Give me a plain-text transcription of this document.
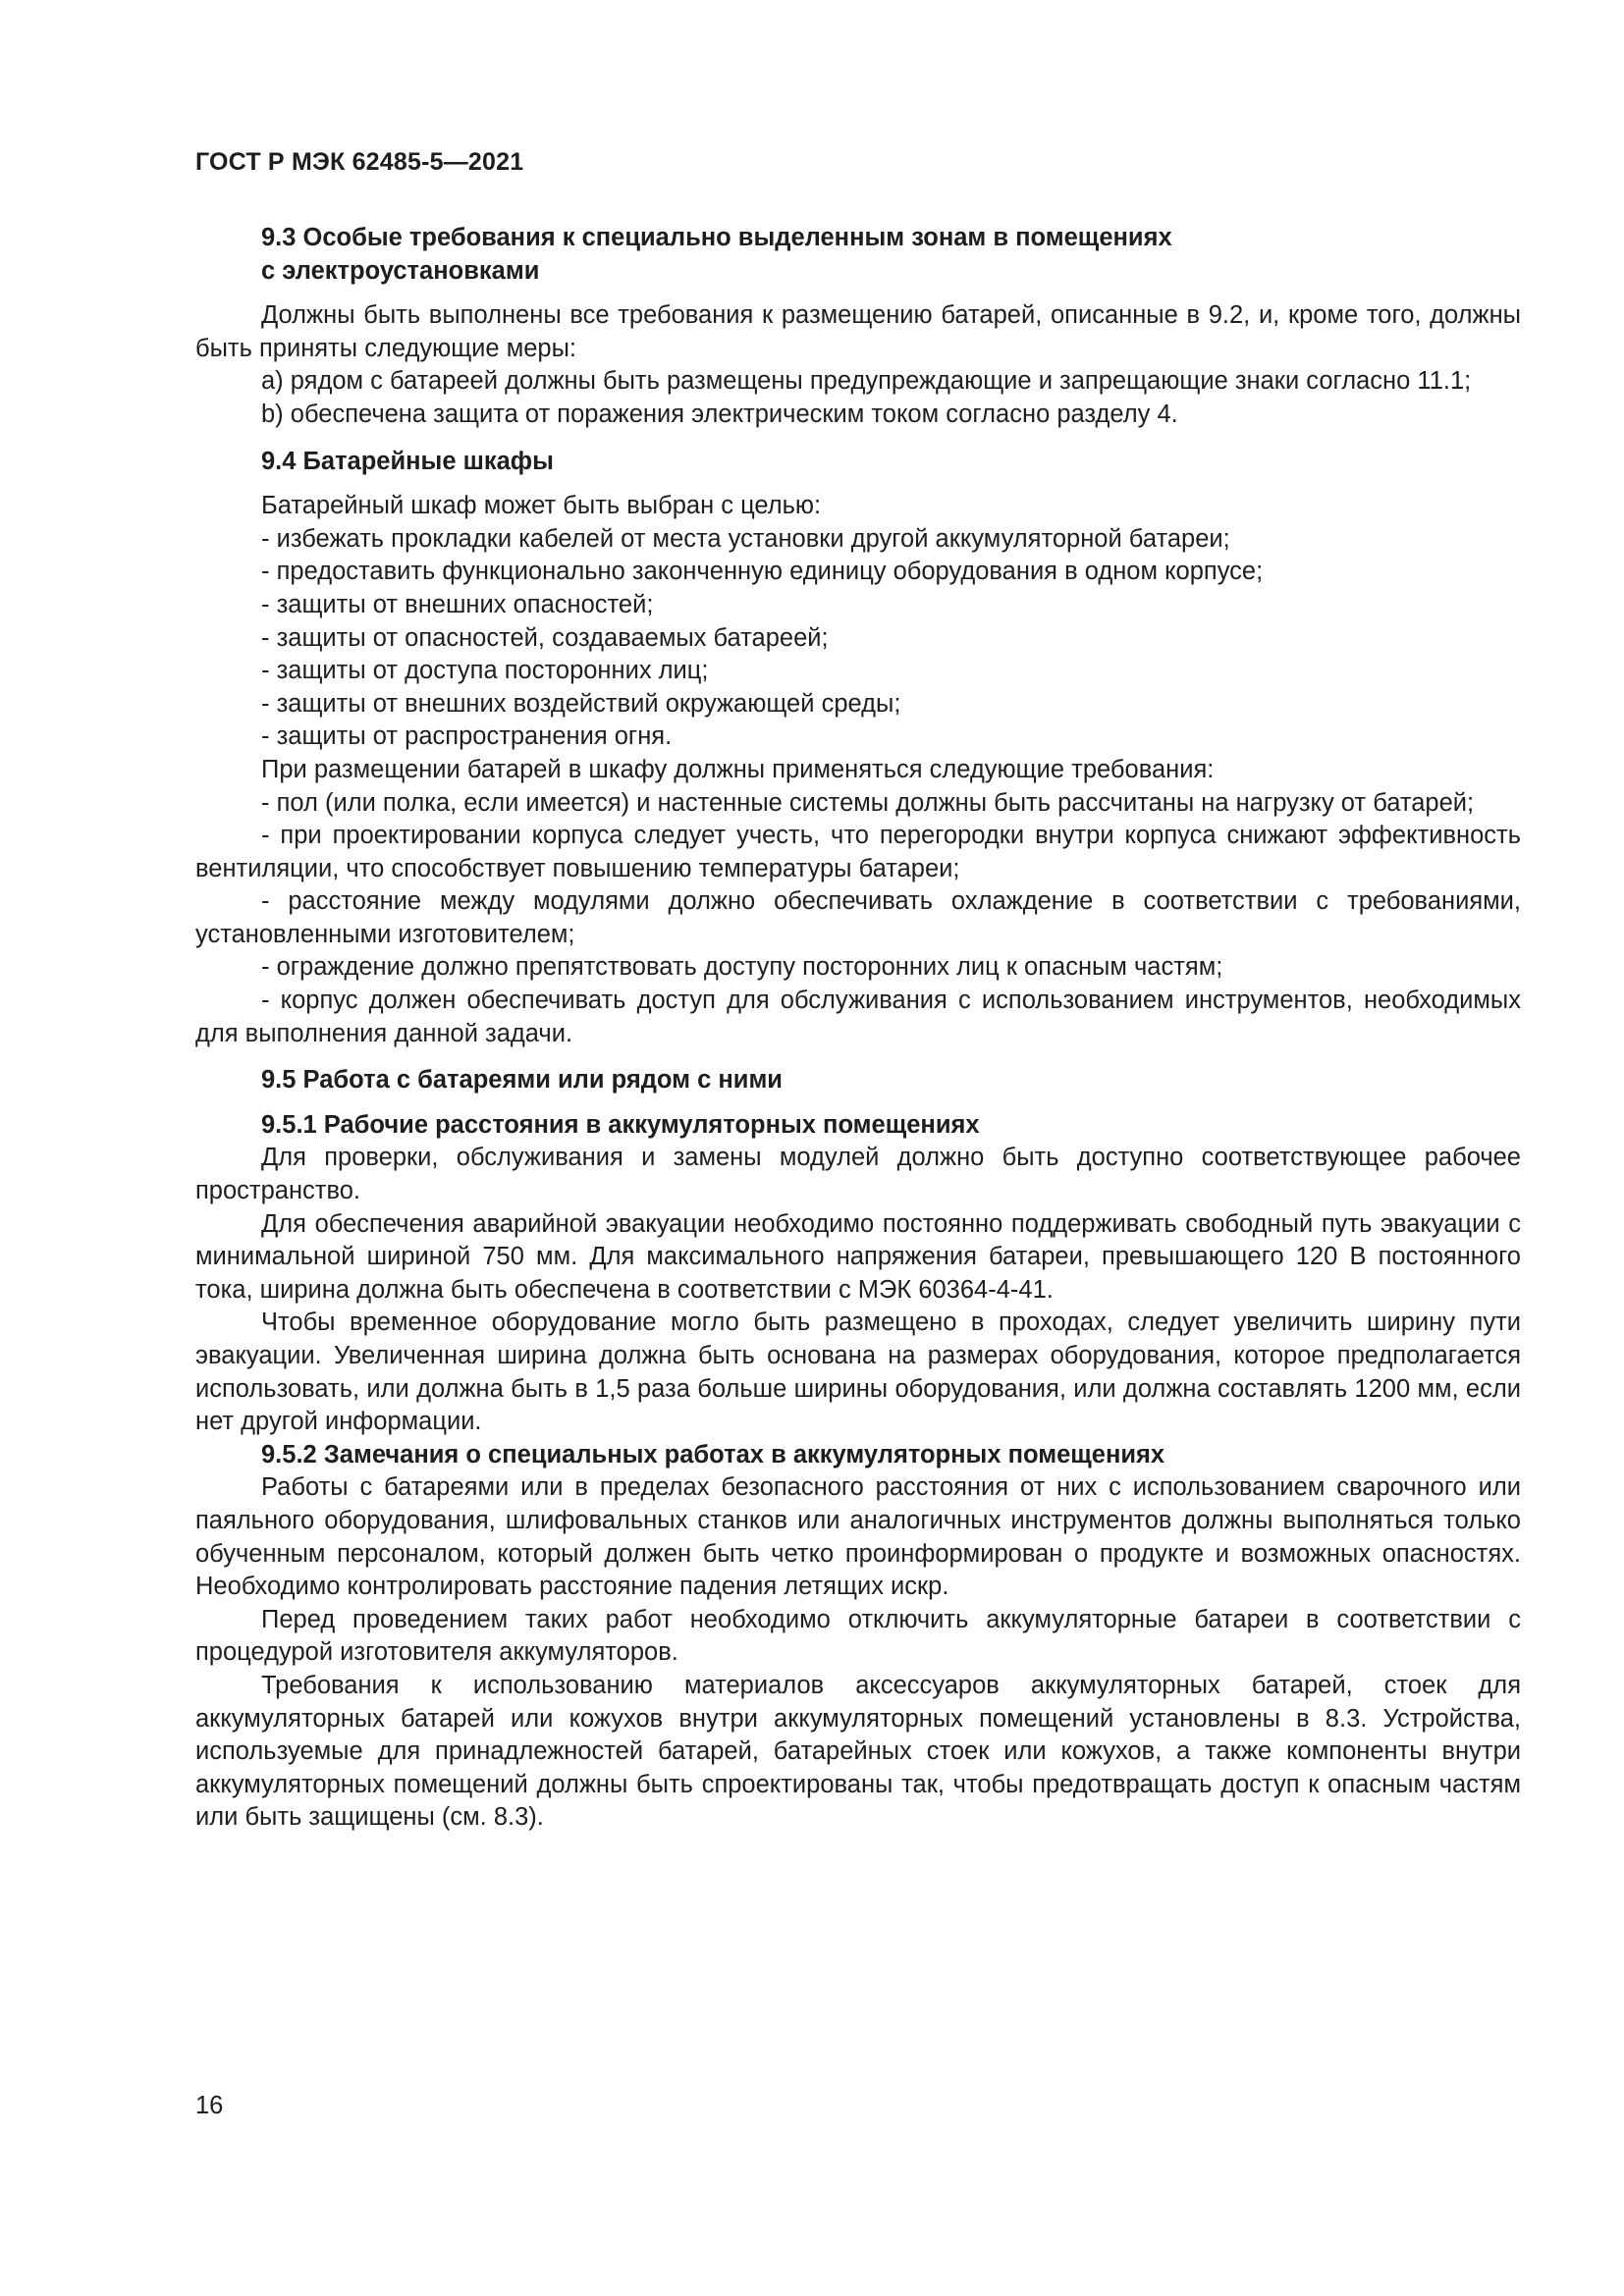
ГОСТ Р МЭК 62485-5—2021

9.3 Особые требования к специально выделенным зонам в помещениях
с электроустановками

Должны быть выполнены все требования к размещению батарей, описанные в 9.2, и, кроме того, должны быть приняты следующие меры:

a) рядом с батареей должны быть размещены предупреждающие и запрещающие знаки согласно 11.1;

b) обеспечена защита от поражения электрическим током согласно разделу 4.

9.4 Батарейные шкафы

Батарейный шкаф может быть выбран с целью:

- избежать прокладки кабелей от места установки другой аккумуляторной батареи;

- предоставить функционально законченную единицу оборудования в одном корпусе;

- защиты от внешних опасностей;

- защиты от опасностей, создаваемых батареей;

- защиты от доступа посторонних лиц;

- защиты от внешних воздействий окружающей среды;

- защиты от распространения огня.

При размещении батарей в шкафу должны применяться следующие требования:

- пол (или полка, если имеется) и настенные системы должны быть рассчитаны на нагрузку от батарей;

- при проектировании корпуса следует учесть, что перегородки внутри корпуса снижают эффективность вентиляции, что способствует повышению температуры батареи;

- расстояние между модулями должно обеспечивать охлаждение в соответствии с требованиями, установленными изготовителем;

- ограждение должно препятствовать доступу посторонних лиц к опасным частям;

- корпус должен обеспечивать доступ для обслуживания с использованием инструментов, необходимых для выполнения данной задачи.

9.5 Работа с батареями или рядом с ними

9.5.1 Рабочие расстояния в аккумуляторных помещениях

Для проверки, обслуживания и замены модулей должно быть доступно соответствующее рабочее пространство.

Для обеспечения аварийной эвакуации необходимо постоянно поддерживать свободный путь эвакуации с минимальной шириной 750 мм. Для максимального напряжения батареи, превышающего 120 В постоянного тока, ширина должна быть обеспечена в соответствии с МЭК 60364-4-41.

Чтобы временное оборудование могло быть размещено в проходах, следует увеличить ширину пути эвакуации. Увеличенная ширина должна быть основана на размерах оборудования, которое предполагается использовать, или должна быть в 1,5 раза больше ширины оборудования, или должна составлять 1200 мм, если нет другой информации.

9.5.2 Замечания о специальных работах в аккумуляторных помещениях

Работы с батареями или в пределах безопасного расстояния от них с использованием сварочного или паяльного оборудования, шлифовальных станков или аналогичных инструментов должны выполняться только обученным персоналом, который должен быть четко проинформирован о продукте и возможных опасностях. Необходимо контролировать расстояние падения летящих искр.

Перед проведением таких работ необходимо отключить аккумуляторные батареи в соответствии с процедурой изготовителя аккумуляторов.

Требования к использованию материалов аксессуаров аккумуляторных батарей, стоек для аккумуляторных батарей или кожухов внутри аккумуляторных помещений установлены в 8.3. Устройства, используемые для принадлежностей батарей, батарейных стоек или кожухов, а также компоненты внутри аккумуляторных помещений должны быть спроектированы так, чтобы предотвращать доступ к опасным частям или быть защищены (см. 8.3).

16
